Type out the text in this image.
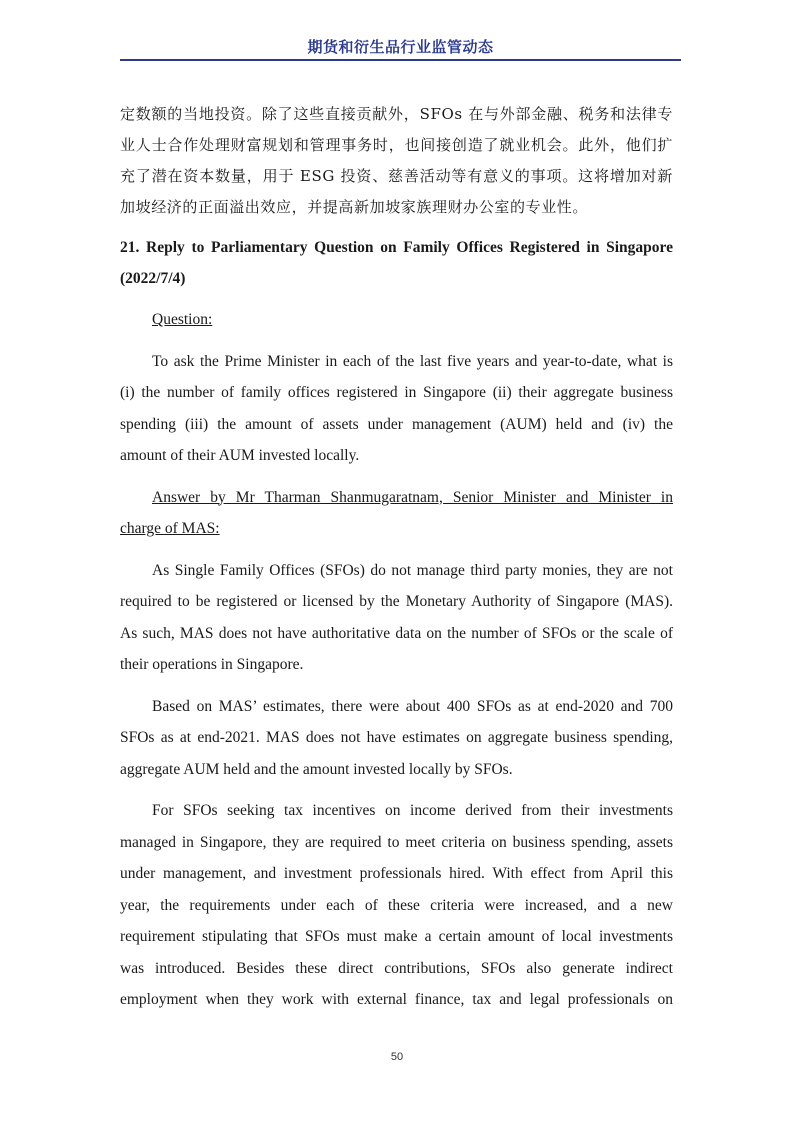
期货和衍生品行业监管动态
定数额的当地投资。除了这些直接贡献外，SFOs 在与外部金融、税务和法律专
业人士合作处理财富规划和管理事务时，也间接创造了就业机会。此外，他们扩
充了潜在资本数量，用于 ESG 投资、慈善活动等有意义的事项。这将增加对新
加坡经济的正面溢出效应，并提高新加坡家族理财办公室的专业性。
21. Reply to Parliamentary Question on Family Offices Registered in Singapore
(2022/7/4)
Question:
To ask the Prime Minister in each of the last five years and year-to-date, what is
(i) the number of family offices registered in Singapore (ii) their aggregate business
spending (iii) the amount of assets under management (AUM) held and (iv) the
amount of their AUM invested locally.
Answer by Mr Tharman Shanmugaratnam, Senior Minister and Minister in
charge of MAS:
As Single Family Offices (SFOs) do not manage third party monies, they are not
required to be registered or licensed by the Monetary Authority of Singapore (MAS).
As such, MAS does not have authoritative data on the number of SFOs or the scale of
their operations in Singapore.
Based on MAS’ estimates, there were about 400 SFOs as at end-2020 and 700
SFOs as at end-2021. MAS does not have estimates on aggregate business spending,
aggregate AUM held and the amount invested locally by SFOs.
For SFOs seeking tax incentives on income derived from their investments
managed in Singapore, they are required to meet criteria on business spending, assets
under management, and investment professionals hired. With effect from April this
year, the requirements under each of these criteria were increased, and a new
requirement stipulating that SFOs must make a certain amount of local investments
was introduced. Besides these direct contributions, SFOs also generate indirect
employment when they work with external finance, tax and legal professionals on
50
